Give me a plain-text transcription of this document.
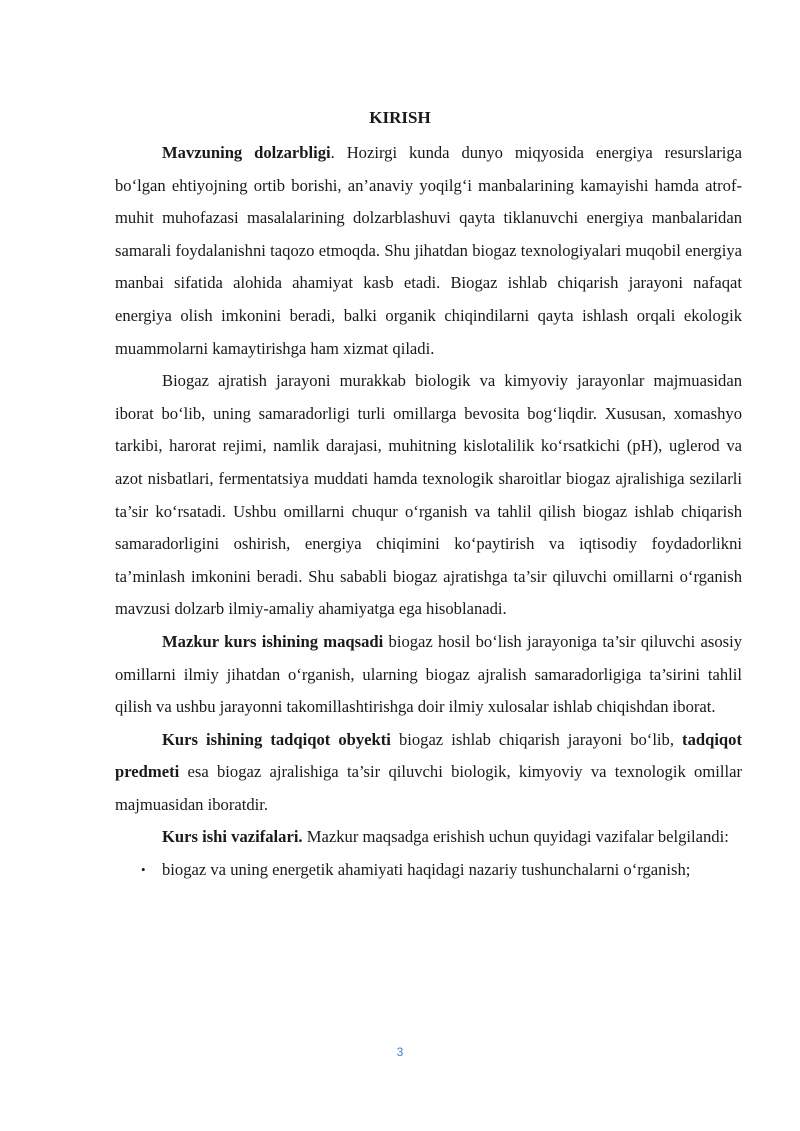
KIRISH

Mavzuning dolzarbligi. Hozirgi kunda dunyo miqyosida energiya resurslariga bo‘lgan ehtiyojning ortib borishi, an’anaviy yoqilg‘i manbalarining kamayishi hamda atrof-muhit muhofazasi masalalarining dolzarblashuvi qayta tiklanuvchi energiya manbalaridan samarali foydalanishni taqozo etmoqda. Shu jihatdan biogaz texnologiyalari muqobil energiya manbai sifatida alohida ahamiyat kasb etadi. Biogaz ishlab chiqarish jarayoni nafaqat energiya olish imkonini beradi, balki organik chiqindilarni qayta ishlash orqali ekologik muammolarni kamaytirishga ham xizmat qiladi.

Biogaz ajratish jarayoni murakkab biologik va kimyoviy jarayonlar majmuasidan iborat bo‘lib, uning samaradorligi turli omillarga bevosita bog‘liqdir. Xususan, xomashyo tarkibi, harorat rejimi, namlik darajasi, muhitning kislotalilik ko‘rsatkichi (pH), uglerod va azot nisbatlari, fermentatsiya muddati hamda texnologik sharoitlar biogaz ajralishiga sezilarli ta’sir ko‘rsatadi. Ushbu omillarni chuqur o‘rganish va tahlil qilish biogaz ishlab chiqarish samaradorligini oshirish, energiya chiqimini ko‘paytirish va iqtisodiy foydadorlikni ta’minlash imkonini beradi. Shu sababli biogaz ajratishga ta’sir qiluvchi omillarni o‘rganish mavzusi dolzarb ilmiy-amaliy ahamiyatga ega hisoblanadi.

Mazkur kurs ishining maqsadi biogaz hosil bo‘lish jarayoniga ta’sir qiluvchi asosiy omillarni ilmiy jihatdan o‘rganish, ularning biogaz ajralish samaradorligiga ta’sirini tahlil qilish va ushbu jarayonni takomillashtirishga doir ilmiy xulosalar ishlab chiqishdan iborat.

Kurs ishining tadqiqot obyekti biogaz ishlab chiqarish jarayoni bo‘lib, tadqiqot predmeti esa biogaz ajralishiga ta’sir qiluvchi biologik, kimyoviy va texnologik omillar majmuasidan iboratdir.

Kurs ishi vazifalari. Mazkur maqsadga erishish uchun quyidagi vazifalar belgilandi:

• biogaz va uning energetik ahamiyati haqidagi nazariy tushunchalarni o‘rganish;
3
